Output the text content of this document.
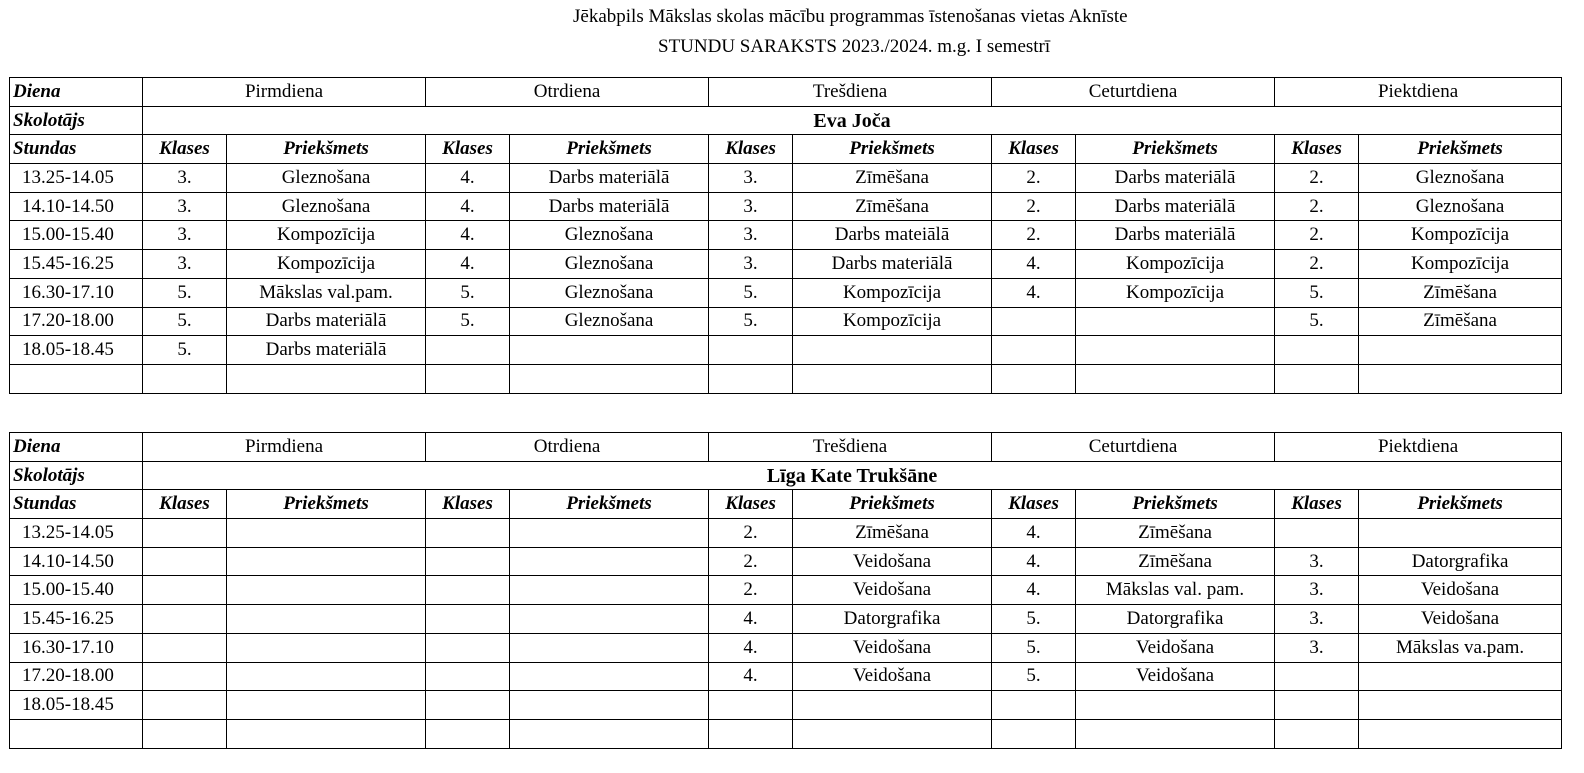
Jēkabpils Mākslas skolas mācību programmas īstenošanas vietas Aknīste
STUNDU SARAKSTS 2023./2024. m.g. I semestrī
Diena	Pirmdiena		Otrdiena		Trešdiena		Ceturtdiena		Piektdiena	
Skolotājs	Eva Joča									
Stundas	Klases	Priekšmets	Klases	Priekšmets	Klases	Priekšmets	Klases	Priekšmets	Klases	Priekšmets
13.25-14.05	3.	Gleznošana	4.	Darbs materiālā	3.	Zīmēšana	2.	Darbs materiālā	2.	Gleznošana
14.10-14.50	3.	Gleznošana	4.	Darbs materiālā	3.	Zīmēšana	2.	Darbs materiālā	2.	Gleznošana
15.00-15.40	3.	Kompozīcija	4.	Gleznošana	3.	Darbs mateiālā	2.	Darbs materiālā	2.	Kompozīcija
15.45-16.25	3.	Kompozīcija	4.	Gleznošana	3.	Darbs materiālā	4.	Kompozīcija	2.	Kompozīcija
16.30-17.10	5.	Mākslas val.pam.	5.	Gleznošana	5.	Kompozīcija	4.	Kompozīcija	5.	Zīmēšana
17.20-18.00	5.	Darbs materiālā	5.	Gleznošana	5.	Kompozīcija			5.	Zīmēšana
18.05-18.45	5.	Darbs materiālā								

Diena	Pirmdiena		Otrdiena		Trešdiena		Ceturtdiena		Piektdiena	
Skolotājs	Līga Kate Trukšāne									
Stundas	Klases	Priekšmets	Klases	Priekšmets	Klases	Priekšmets	Klases	Priekšmets	Klases	Priekšmets
13.25-14.05					2.	Zīmēšana	4.	Zīmēšana		
14.10-14.50					2.	Veidošana	4.	Zīmēšana	3.	Datorgrafika
15.00-15.40					2.	Veidošana	4.	Mākslas val. pam.	3.	Veidošana
15.45-16.25					4.	Datorgrafika	5.	Datorgrafika	3.	Veidošana
16.30-17.10					4.	Veidošana	5.	Veidošana	3.	Mākslas va.pam.
17.20-18.00					4.	Veidošana	5.	Veidošana		
18.05-18.45										
